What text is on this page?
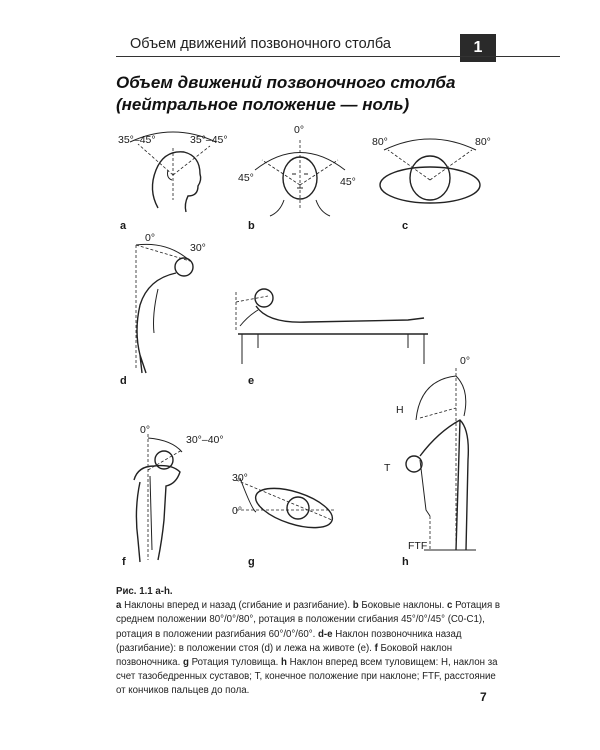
Объем движений позвоночного столба	1
Объем движений позвоночного столба
(нейтральное положение — ноль)
35°–45°	35°–45°
a
0°
45°	45°
b
80°	80°
c
0°
30°
d	e
0°
30°–40°
f
30°
0°
g
0°
H
T
FTF
h
Рис. 1.1 a-h.
a Наклоны вперед и назад (сгибание и разгибание). b Боковые наклоны. c Ротация в среднем положении 80°/0°/80°, ротация в положении сгибания 45°/0°/45° (C0-C1), ротация в положении разгибания 60°/0°/60°. d-e Наклон позвоночника назад (разгибание): в положении стоя (d) и лежа на животе (e). f Боковой наклон позвоночника. g Ротация туловища. h Наклон вперед всем туловищем: H, наклон за счет тазобедренных суставов; T, конечное положение при наклоне; FTF, расстояние от кончиков пальцев до пола.	7
